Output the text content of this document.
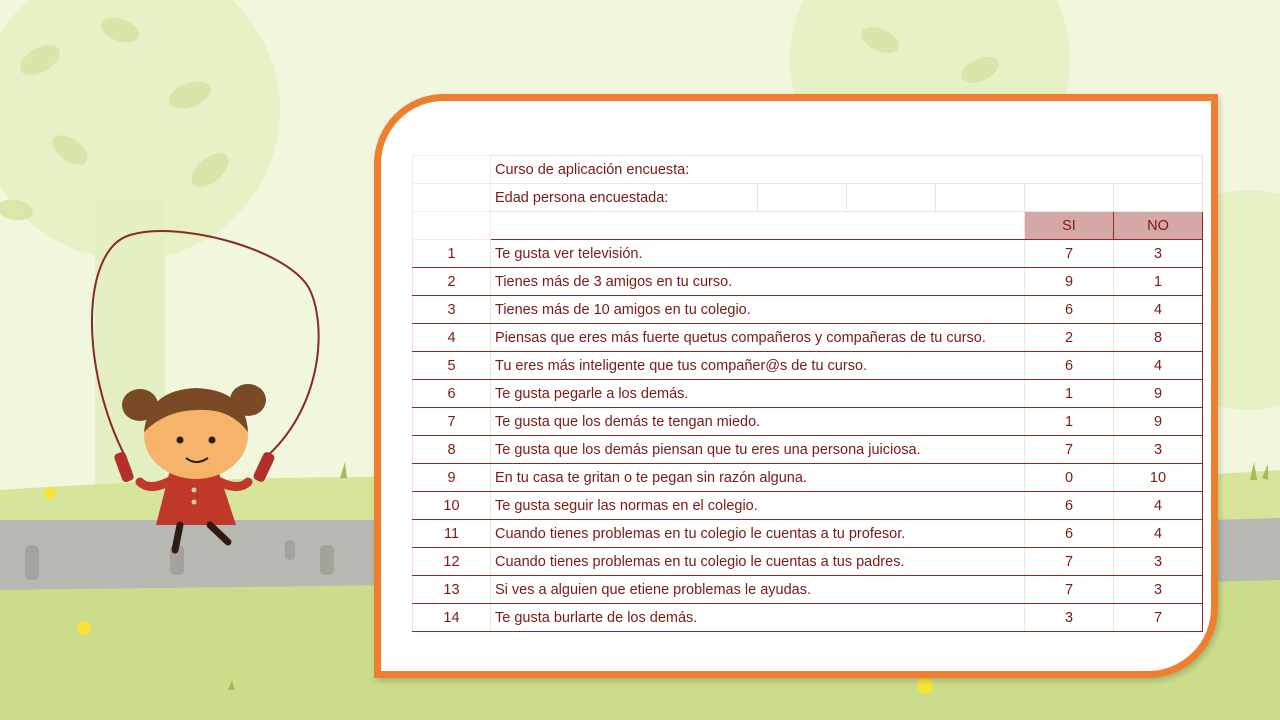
	Curso de aplicación encuesta:					
	Edad persona encuestada:					
					SI	NO
1	Te gusta ver televisión.				7	3
2	Tienes más de 3 amigos en tu curso.				9	1
3	Tienes más de 10 amigos en tu colegio.				6	4
4	Piensas que eres más fuerte quetus compañeros y compañeras de tu curso.				2	8
5	Tu eres más inteligente que tus compañer@s de tu curso.				6	4
6	Te gusta pegarle a los demás.				1	9
7	Te gusta que los demás te tengan miedo.				1	9
8	Te gusta que los demás piensan que tu eres una persona juiciosa.				7	3
9	En tu casa te gritan o te pegan sin razón alguna.				0	10
10	Te gusta seguir las normas en el colegio.				6	4
11	Cuando tienes problemas en tu colegio le cuentas a tu profesor.				6	4
12	Cuando tienes problemas en tu colegio le cuentas a tus padres.				7	3
13	Si ves a alguien que etiene problemas le ayudas.				7	3
14	Te gusta burlarte de los demás.				3	7
